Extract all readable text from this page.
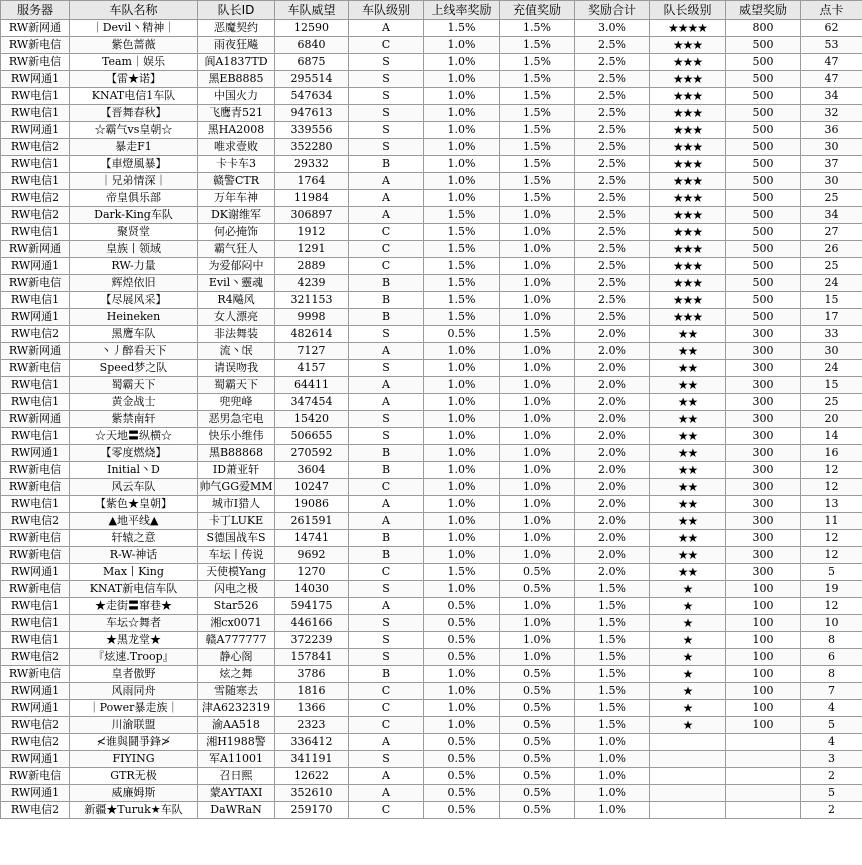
服务器	车队名称	队长ID	车队威望	车队级别	上线率奖励	充值奖励	奖励合计	队长级别	威望奖励	点卡
RW新网通	｜Devil丶精神｜	恶魔契约	12590	A	1.5%	1.5%	3.0%	★★★★	800	62
RW新电信	紫色蔷薇	雨夜狂飚	6840	C	1.0%	1.5%	2.5%	★★★	500	53
RW新电信	Team｜娱乐	阆A1837TD	6875	S	1.0%	1.5%	2.5%	★★★	500	47
RW网通1	【雷★诺】	黑EB8885	295514	S	1.0%	1.5%	2.5%	★★★	500	47
RW电信1	KNAT电信1车队	中国火力	547634	S	1.0%	1.5%	2.5%	★★★	500	34
RW电信1	【晋舞春秋】	飞鹰青521	947613	S	1.0%	1.5%	2.5%	★★★	500	32
RW网通1	☆霸气vs皇朝☆	黑HA2008	339556	S	1.0%	1.5%	2.5%	★★★	500	36
RW电信2	暴走F1	唯求壹败	352280	S	1.0%	1.5%	2.5%	★★★	500	30
RW电信1	【車燈風暴】	卡卡车3	29332	B	1.0%	1.5%	2.5%	★★★	500	37
RW电信1	｜兄弟情深｜	赣警CTR	1764	A	1.0%	1.5%	2.5%	★★★	500	30
RW电信2	帝皇俱乐部	万年车神	11984	A	1.0%	1.5%	2.5%	★★★	500	25
RW电信2	Dark-King车队	DK谢维军	306897	A	1.5%	1.0%	2.5%	★★★	500	34
RW电信1	聚贤堂	何必掩饰	1912	C	1.5%	1.0%	2.5%	★★★	500	27
RW新网通	皇族丨领域	霸气狂人	1291	C	1.5%	1.0%	2.5%	★★★	500	26
RW网通1	RW-力量	为爱郁闷中	2889	C	1.5%	1.0%	2.5%	★★★	500	25
RW新电信	辉煌依旧	Evil丶靈魂	4239	B	1.5%	1.0%	2.5%	★★★	500	24
RW电信1	【尽展风采】	R4飚风	321153	B	1.5%	1.0%	2.5%	★★★	500	15
RW网通1	Heineken	女人漂亮	9998	B	1.5%	1.0%	2.5%	★★★	500	17
RW电信2	黑鹰车队	非法舞装	482614	S	0.5%	1.5%	2.0%	★★	300	33
RW新网通	丶丿醉看天下	流丶氓	7127	A	1.0%	1.0%	2.0%	★★	300	30
RW新电信	Speed梦之队	请误吻我	4157	S	1.0%	1.0%	2.0%	★★	300	24
RW电信1	蜀霸天下	蜀霸天下	64411	A	1.0%	1.0%	2.0%	★★	300	15
RW电信1	黄金战士	兜兜峰	347454	A	1.0%	1.0%	2.0%	★★	300	25
RW新网通	紫禁南轩	恶男急宅电	15420	S	1.0%	1.0%	2.0%	★★	300	20
RW电信1	☆天地〓纵横☆	快乐小维伟	506655	S	1.0%	1.0%	2.0%	★★	300	14
RW网通1	【零度燃烧】	黑B88868	270592	B	1.0%	1.0%	2.0%	★★	300	16
RW新电信	Initial丶D	ID萧亚轩	3604	B	1.0%	1.0%	2.0%	★★	300	12
RW新电信	风云车队	帅气GG爱MM	10247	C	1.0%	1.0%	2.0%	★★	300	12
RW电信1	【紫色★皇朝】	城市I猎人	19086	A	1.0%	1.0%	2.0%	★★	300	13
RW电信2	▲地平线▲	卡丁LUKE	261591	A	1.0%	1.0%	2.0%	★★	300	11
RW新电信	轩辕之意	S德国战车S	14741	B	1.0%	1.0%	2.0%	★★	300	12
RW新电信	R-W-神话	车坛丨传说	9692	B	1.0%	1.0%	2.0%	★★	300	12
RW网通1	Max丨King	天使模Yang	1270	C	1.5%	0.5%	2.0%	★★	300	5
RW新电信	KNAT新电信车队	闪电之极	14030	S	1.0%	0.5%	1.5%	★	100	19
RW电信1	★走街〓窜巷★	Star526	594175	A	0.5%	1.0%	1.5%	★	100	12
RW电信1	车坛☆舞者	湘cx0071	446166	S	0.5%	1.0%	1.5%	★	100	10
RW电信1	★黑龙堂★	赣A777777	372239	S	0.5%	1.0%	1.5%	★	100	8
RW电信2	『炫速.Troop』	静心阁	157841	S	0.5%	1.0%	1.5%	★	100	6
RW新电信	皇者傲野	炫之舞	3786	B	1.0%	0.5%	1.5%	★	100	8
RW网通1	风雨同舟	雪随寒去	1816	C	1.0%	0.5%	1.5%	★	100	7
RW网通1	｜Power暴走族｜	津A6232319	1366	C	1.0%	0.5%	1.5%	★	100	4
RW电信2	川渝联盟	渝AA518	2323	C	1.0%	0.5%	1.5%	★	100	5
RW电信2	≮谁與鬪爭鋒≯	湘H1988警	336412	A	0.5%	0.5%	1.0%			4
RW网通1	FIYING	军A11001	341191	S	0.5%	0.5%	1.0%			3
RW新电信	GTR无极	召日熙	12622	A	0.5%	0.5%	1.0%			2
RW网通1	威廉姆斯	蒙AYTAXI	352610	A	0.5%	0.5%	1.0%			5
RW电信2	新疆★Turuk★车队	DaWRaN	259170	C	0.5%	0.5%	1.0%			2
